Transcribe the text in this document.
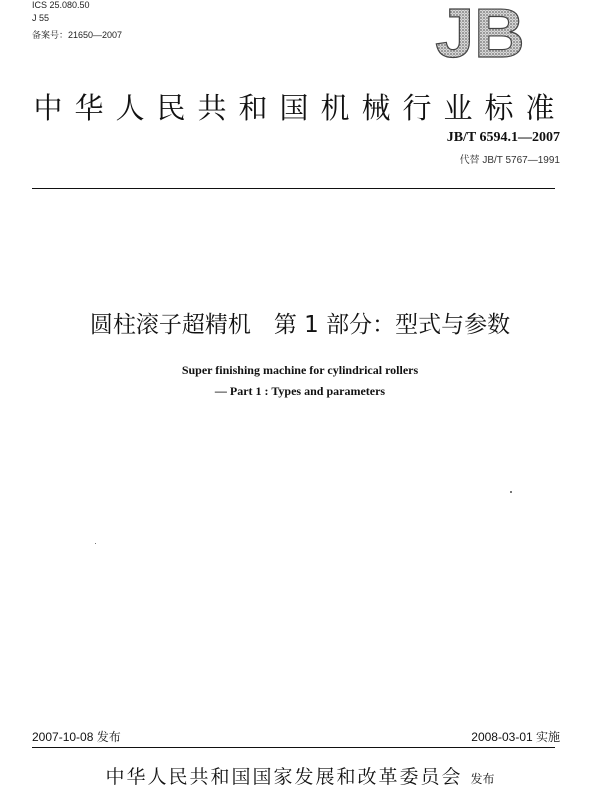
ICS 25.080.50
J 55
备案号：21650—2007	JB
中华人民共和国机械行业标准
JB/T 6594.1—2007
代替 JB/T 5767—1991
圆柱滚子超精机　第 1 部分：型式与参数
Super finishing machine for cylindrical rollers
— Part 1 : Types and parameters
2007-10-08 发布	2008-03-01 实施
中华人民共和国国家发展和改革委员会 发布
